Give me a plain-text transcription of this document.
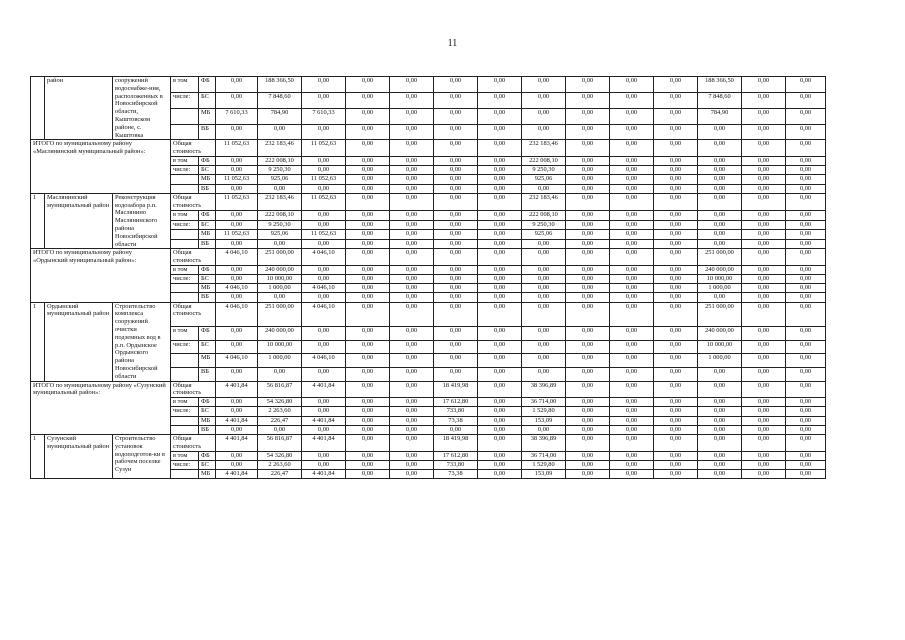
11
	район	сооружений водоснабже-ния, расположенных в Новосибирской области, Кыштовском районе, с. Кыштовка	в том	ФБ	0,00	188 366,50	0,00	0,00	0,00	0,00	0,00	0,00	0,00	0,00	0,00	188 366,50	0,00	0,00
			числе:	БС	0,00	7 848,60	0,00	0,00	0,00	0,00	0,00	0,00	0,00	0,00	0,00	7 848,60	0,00	0,00
				МБ	7 610,33	784,90	7 610,33	0,00	0,00	0,00	0,00	0,00	0,00	0,00	0,00	784,90	0,00	0,00
				ВБ	0,00	0,00	0,00	0,00	0,00	0,00	0,00	0,00	0,00	0,00	0,00	0,00	0,00	0,00
ИТОГО по муниципальному району «Маслянинский муниципальный район»:			Общая стоимость		11 052,63	232 183,46	11 052,63	0,00	0,00	0,00	0,00	232 183,46	0,00	0,00	0,00	0,00	0,00	0,00
			в том	ФБ	0,00	222 008,10	0,00	0,00	0,00	0,00	0,00	222 008,10	0,00	0,00	0,00	0,00	0,00	0,00
			числе:	БС	0,00	9 250,30	0,00	0,00	0,00	0,00	0,00	9 250,30	0,00	0,00	0,00	0,00	0,00	0,00
				МБ	11 052,63	925,06	11 052,63	0,00	0,00	0,00	0,00	925,06	0,00	0,00	0,00	0,00	0,00	0,00
				ВБ	0,00	0,00	0,00	0,00	0,00	0,00	0,00	0,00	0,00	0,00	0,00	0,00	0,00	0,00
1	Маслянинский муниципальный район	Реконструкция водозабора р.п. Маслянино Маслянинского района Новосибирской области	Общая стоимость		11 052,63	232 183,46	11 052,63	0,00	0,00	0,00	0,00	232 183,46	0,00	0,00	0,00	0,00	0,00	0,00
			в том	ФБ	0,00	222 008,10	0,00	0,00	0,00	0,00	0,00	222 008,10	0,00	0,00	0,00	0,00	0,00	0,00
			числе:	БС	0,00	9 250,30	0,00	0,00	0,00	0,00	0,00	9 250,30	0,00	0,00	0,00	0,00	0,00	0,00
				МБ	11 052,63	925,06	11 052,63	0,00	0,00	0,00	0,00	925,06	0,00	0,00	0,00	0,00	0,00	0,00
				ВБ	0,00	0,00	0,00	0,00	0,00	0,00	0,00	0,00	0,00	0,00	0,00	0,00	0,00	0,00
ИТОГО по муниципальному району «Ордынский муниципальный район»:			Общая стоимость		4 046,10	251 000,00	4 046,10	0,00	0,00	0,00	0,00	0,00	0,00	0,00	0,00	251 000,00	0,00	0,00
			в том	ФБ	0,00	240 000,00	0,00	0,00	0,00	0,00	0,00	0,00	0,00	0,00	0,00	240 000,00	0,00	0,00
			числе:	БС	0,00	10 000,00	0,00	0,00	0,00	0,00	0,00	0,00	0,00	0,00	0,00	10 000,00	0,00	0,00
				МБ	4 046,10	1 000,00	4 046,10	0,00	0,00	0,00	0,00	0,00	0,00	0,00	0,00	1 000,00	0,00	0,00
				ВБ	0,00	0,00	0,00	0,00	0,00	0,00	0,00	0,00	0,00	0,00	0,00	0,00	0,00	0,00
1	Ордынский муниципальный район	Строительство комплекса сооружений очистки подземных вод в р.п. Ордынское Ордынского района Новосибирской области	Общая стоимость		4 046,10	251 000,00	4 046,10	0,00	0,00	0,00	0,00	0,00	0,00	0,00	0,00	251 000,00	0,00	0,00
			в том	ФБ	0,00	240 000,00	0,00	0,00	0,00	0,00	0,00	0,00	0,00	0,00	0,00	240 000,00	0,00	0,00
			числе:	БС	0,00	10 000,00	0,00	0,00	0,00	0,00	0,00	0,00	0,00	0,00	0,00	10 000,00	0,00	0,00
				МБ	4 046,10	1 000,00	4 046,10	0,00	0,00	0,00	0,00	0,00	0,00	0,00	0,00	1 000,00	0,00	0,00
				ВБ	0,00	0,00	0,00	0,00	0,00	0,00	0,00	0,00	0,00	0,00	0,00	0,00	0,00	0,00
ИТОГО по муниципальному району «Сузунский муниципальный район»:			Общая стоимость		4 401,84	56 816,87	4 401,84	0,00	0,00	18 419,98	0,00	38 396,89	0,00	0,00	0,00	0,00	0,00	0,00
			в том	ФБ	0,00	54 326,80	0,00	0,00	0,00	17 612,80	0,00	36 714,00	0,00	0,00	0,00	0,00	0,00	0,00
			числе:	БС	0,00	2 263,60	0,00	0,00	0,00	733,80	0,00	1 529,80	0,00	0,00	0,00	0,00	0,00	0,00
				МБ	4 401,84	226,47	4 401,84	0,00	0,00	73,38	0,00	153,09	0,00	0,00	0,00	0,00	0,00	0,00
				ВБ	0,00	0,00	0,00	0,00	0,00	0,00	0,00	0,00	0,00	0,00	0,00	0,00	0,00	0,00
1	Сузунский муниципальный район	Строительство установок водоподготов-ки в рабочем поселке Сузун	Общая стоимость		4 401,84	56 816,87	4 401,84	0,00	0,00	18 419,98	0,00	38 396,89	0,00	0,00	0,00	0,00	0,00	0,00
			в том	ФБ	0,00	54 326,80	0,00	0,00	0,00	17 612,80	0,00	36 714,00	0,00	0,00	0,00	0,00	0,00	0,00
			числе:	БС	0,00	2 263,60	0,00	0,00	0,00	733,80	0,00	1 529,80	0,00	0,00	0,00	0,00	0,00	0,00
				МБ	4 401,84	226,47	4 401,84	0,00	0,00	73,38	0,00	153,09	0,00	0,00	0,00	0,00	0,00	0,00
